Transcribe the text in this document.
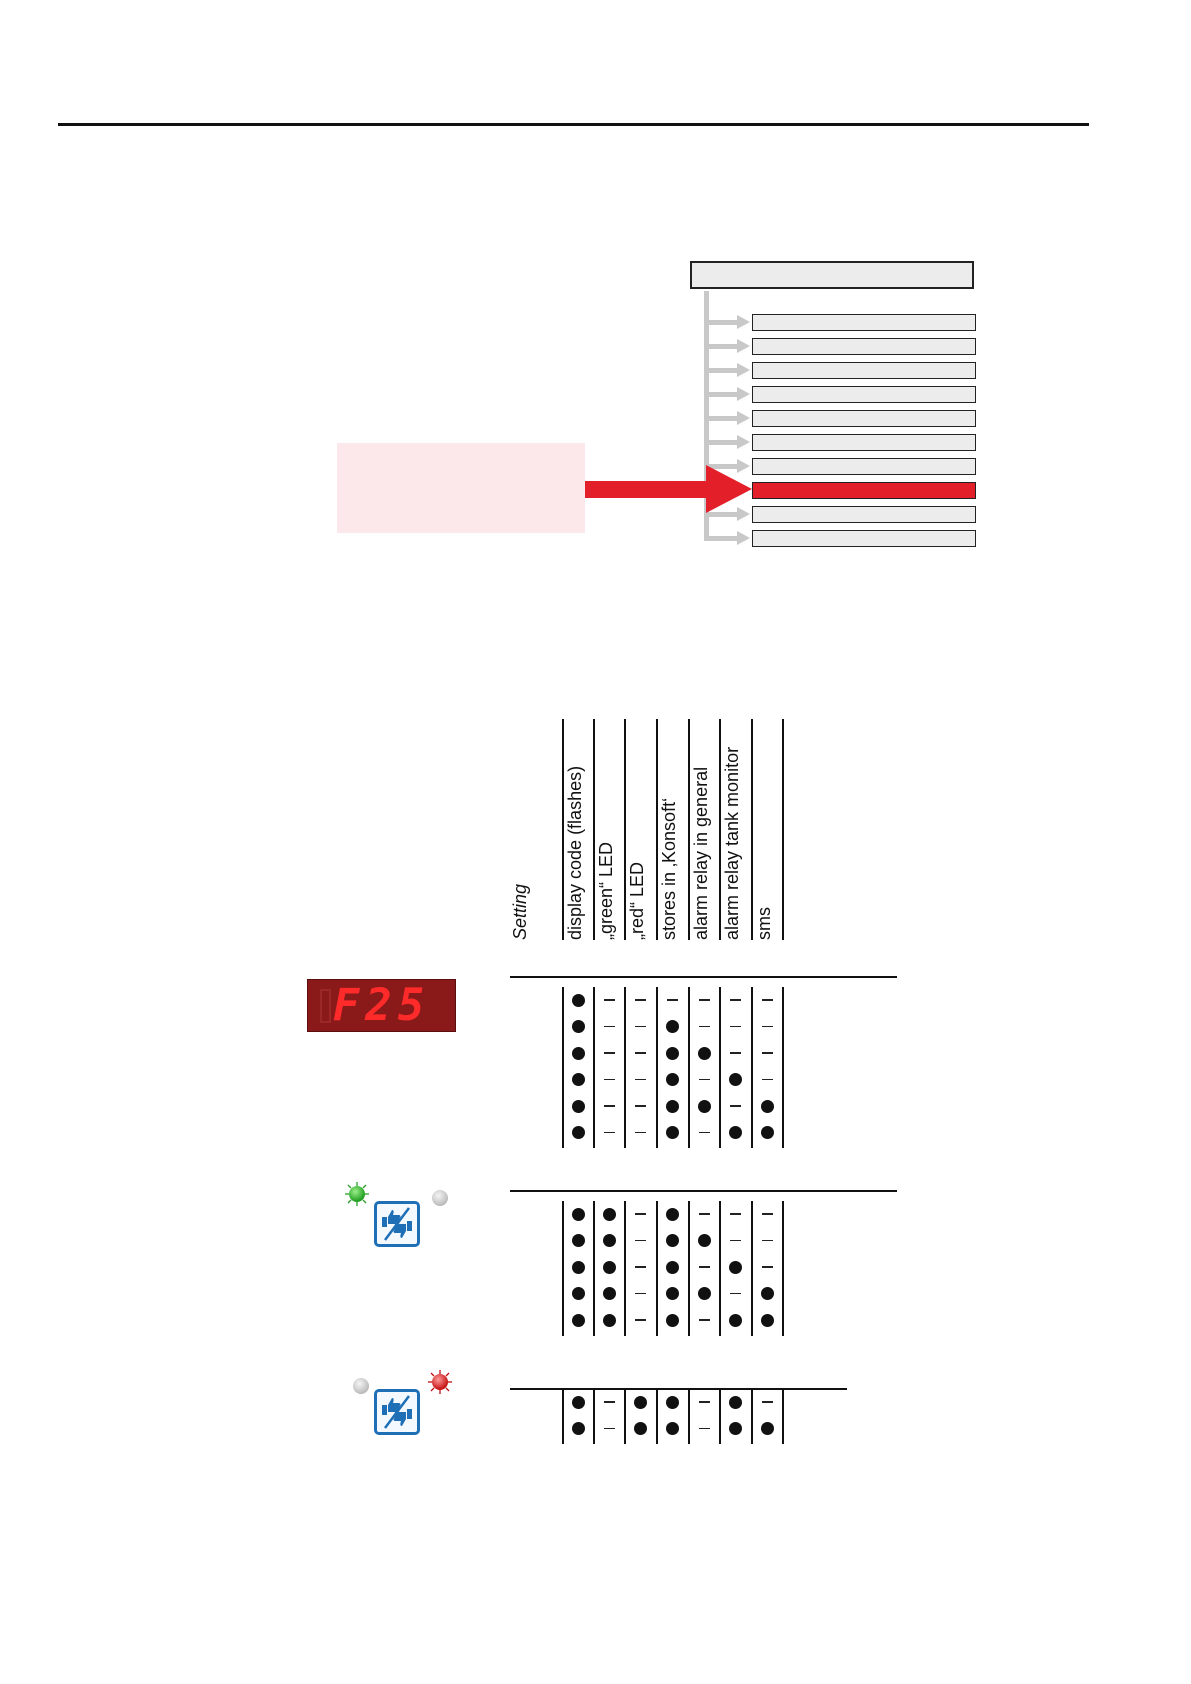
Setting display code (flashes) „green“ LED „red“ LED stores in ‚Konsoft‘ alarm relay in general alarm relay tank monitor sms
F25
